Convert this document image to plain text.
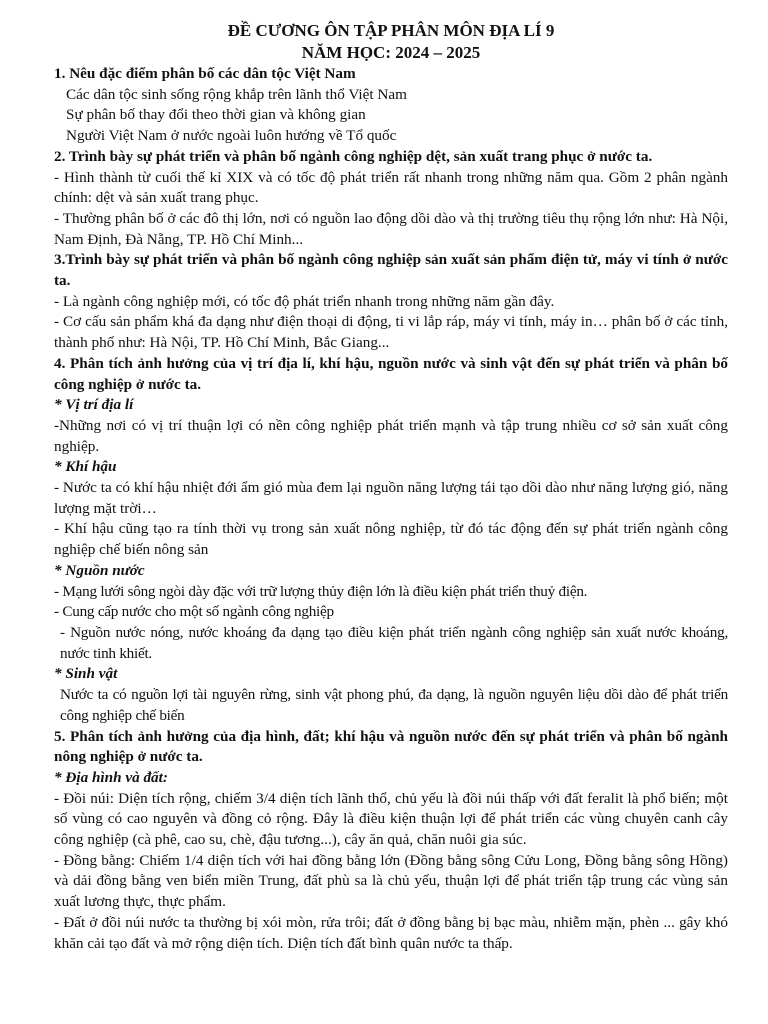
ĐỀ CƯƠNG ÔN TẬP PHÂN MÔN ĐỊA LÍ 9
NĂM HỌC: 2024 – 2025

1. Nêu đặc điểm phân bố các dân tộc Việt Nam

Các dân tộc sinh sống rộng khắp trên lãnh thổ Việt Nam

Sự phân bố thay đổi theo thời gian và không gian

Người Việt Nam ở nước ngoài luôn hướng về Tổ quốc

2. Trình bày sự phát triển và phân bố ngành công nghiệp dệt, sản xuất trang phục ở nước ta.

- Hình thành từ cuối thế kỉ XIX và có tốc độ phát triển rất nhanh trong những năm qua. Gồm 2 phân ngành chính: dệt và sản xuất trang phục.

- Thường phân bố ở các đô thị lớn, nơi có nguồn lao động dồi dào và thị trường tiêu thụ rộng lớn như: Hà Nội, Nam Định, Đà Nẵng, TP. Hồ Chí Minh...

3.Trình bày sự phát triển và phân bố ngành công nghiệp sản xuất sản phẩm điện tử, máy vi tính ở nước ta.

- Là ngành công nghiệp mới, có tốc độ phát triển nhanh trong những năm gần đây.

- Cơ cấu sản phẩm khá đa dạng như điện thoại di động, ti vi lắp ráp, máy vi tính, máy in… phân bố ở các tỉnh, thành phố như: Hà Nội, TP. Hồ Chí Minh, Bắc Giang...

4. Phân tích ảnh hưởng của vị trí địa lí, khí hậu, nguồn nước và sinh vật đến sự phát triển và phân bố công nghiệp ở nước ta.

* Vị trí địa lí

-Những nơi có vị trí thuận lợi có nền công nghiệp phát triển mạnh và tập trung nhiều cơ sở sản xuất công nghiệp.

* Khí hậu

- Nước ta có khí hậu nhiệt đới ẩm gió mùa đem lại nguồn năng lượng tái tạo dồi dào như năng lượng gió, năng lượng mặt trời…

- Khí hậu cũng tạo ra tính thời vụ trong sản xuất nông nghiệp, từ đó tác động đến sự phát triển ngành công nghiệp chế biến nông sản

* Nguồn nước

- Mạng lưới sông ngòi dày đặc với trữ lượng thủy điện lớn là điều kiện phát triển thuỷ điện.

- Cung cấp nước cho một số ngành công nghiệp

- Nguồn nước nóng, nước khoáng đa dạng tạo điều kiện phát triển ngành công nghiệp sản xuất nước khoáng, nước tinh khiết.

* Sinh vật

Nước ta có nguồn lợi tài nguyên rừng, sinh vật phong phú, đa dạng, là nguồn nguyên liệu dồi dào để phát triển công nghiệp chế biến

5. Phân tích ảnh hưởng của địa hình, đất; khí hậu và nguồn nước đến sự phát triển và phân bố ngành nông nghiệp ở nước ta.

* Địa hình và đất:

- Đồi núi: Diện tích rộng, chiếm 3/4 diện tích lãnh thổ, chủ yếu là đồi núi thấp với đất feralit là phổ biến; một số vùng có cao nguyên và đồng cỏ rộng. Đây là điều kiện thuận lợi để phát triển các vùng chuyên canh cây công nghiệp (cà phê, cao su, chè, đậu tương...), cây ăn quả, chăn nuôi gia súc.

- Đồng bằng: Chiếm 1/4 diện tích với hai đồng bằng lớn (Đồng bằng sông Cửu Long, Đồng bằng sông Hồng) và dải đồng bằng ven biển miền Trung, đất phù sa là chủ yếu, thuận lợi để phát triển tập trung các vùng sản xuất lương thực, thực phẩm.

- Đất ở đồi núi nước ta thường bị xói mòn, rửa trôi; đất ở đồng bằng bị bạc màu, nhiễm mặn, phèn ... gây khó khăn cải tạo đất và mở rộng diện tích. Diện tích đất bình quân nước ta thấp.
